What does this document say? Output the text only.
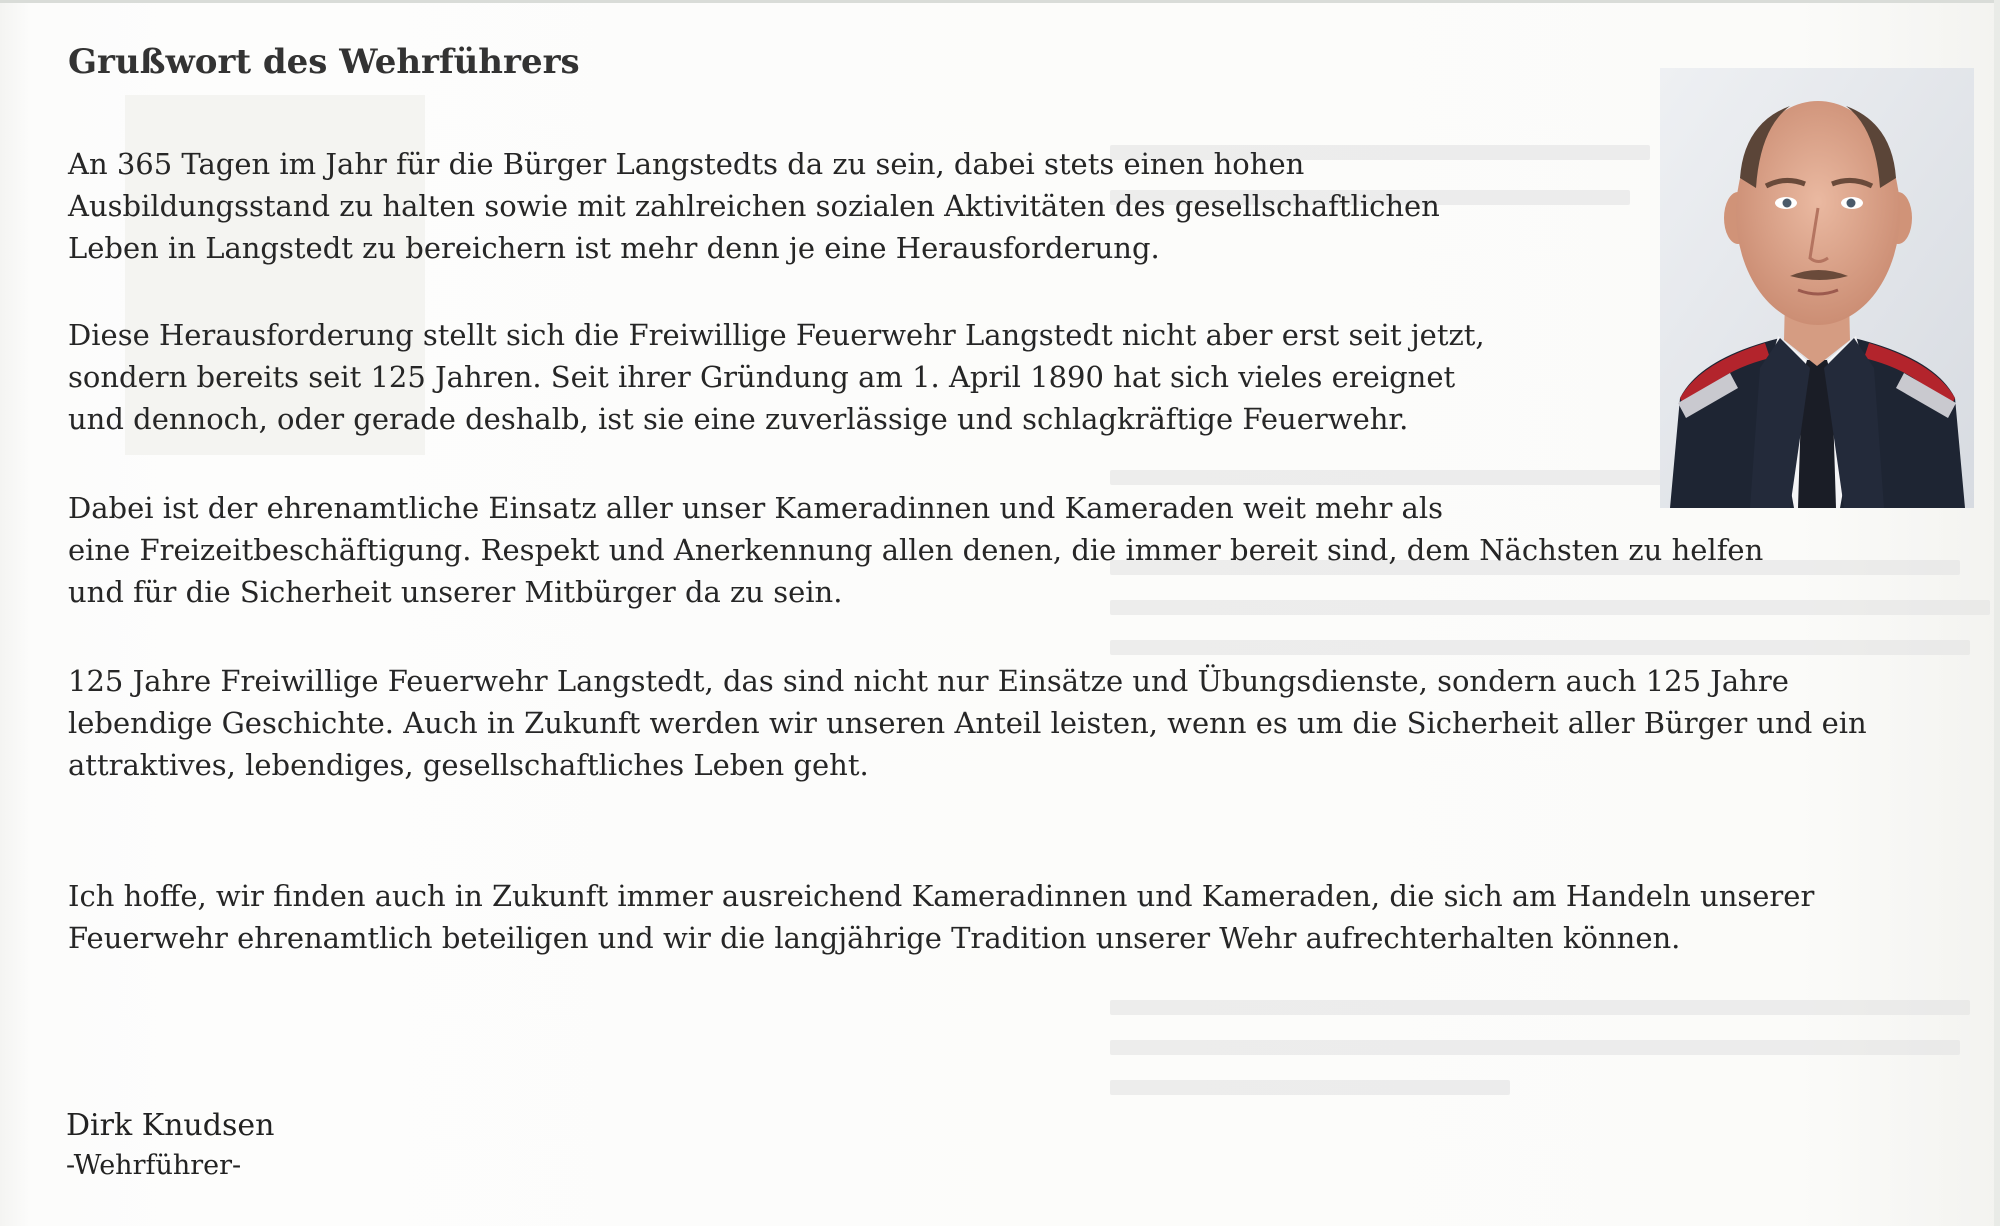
Grußwort des Wehrführers
An 365 Tagen im Jahr für die Bürger Langstedts da zu sein, dabei stets einen hohen
Ausbildungsstand zu halten sowie mit zahlreichen sozialen Aktivitäten des gesellschaftlichen
Leben in Langstedt zu bereichern ist mehr denn je eine Herausforderung.
Diese Herausforderung stellt sich die Freiwillige Feuerwehr Langstedt nicht aber erst seit jetzt,
sondern bereits seit 125 Jahren. Seit ihrer Gründung am 1. April 1890 hat sich vieles ereignet
und dennoch, oder gerade deshalb, ist sie eine zuverlässige und schlagkräftige Feuerwehr.
Dabei ist der ehrenamtliche Einsatz aller unser Kameradinnen und Kameraden weit mehr als
eine Freizeitbeschäftigung. Respekt und Anerkennung allen denen, die immer bereit sind, dem Nächsten zu helfen
und für die Sicherheit unserer Mitbürger da zu sein.
125 Jahre Freiwillige Feuerwehr Langstedt, das sind nicht nur Einsätze und Übungsdienste, sondern auch 125 Jahre
lebendige Geschichte. Auch in Zukunft werden wir unseren Anteil leisten, wenn es um die Sicherheit aller Bürger und ein
attraktives, lebendiges, gesellschaftliches Leben geht.
Ich hoffe, wir finden auch in Zukunft immer ausreichend Kameradinnen und Kameraden, die sich am Handeln unserer
Feuerwehr ehrenamtlich beteiligen und wir die langjährige Tradition unserer Wehr aufrechterhalten können.
Dirk Knudsen
-Wehrführer-
